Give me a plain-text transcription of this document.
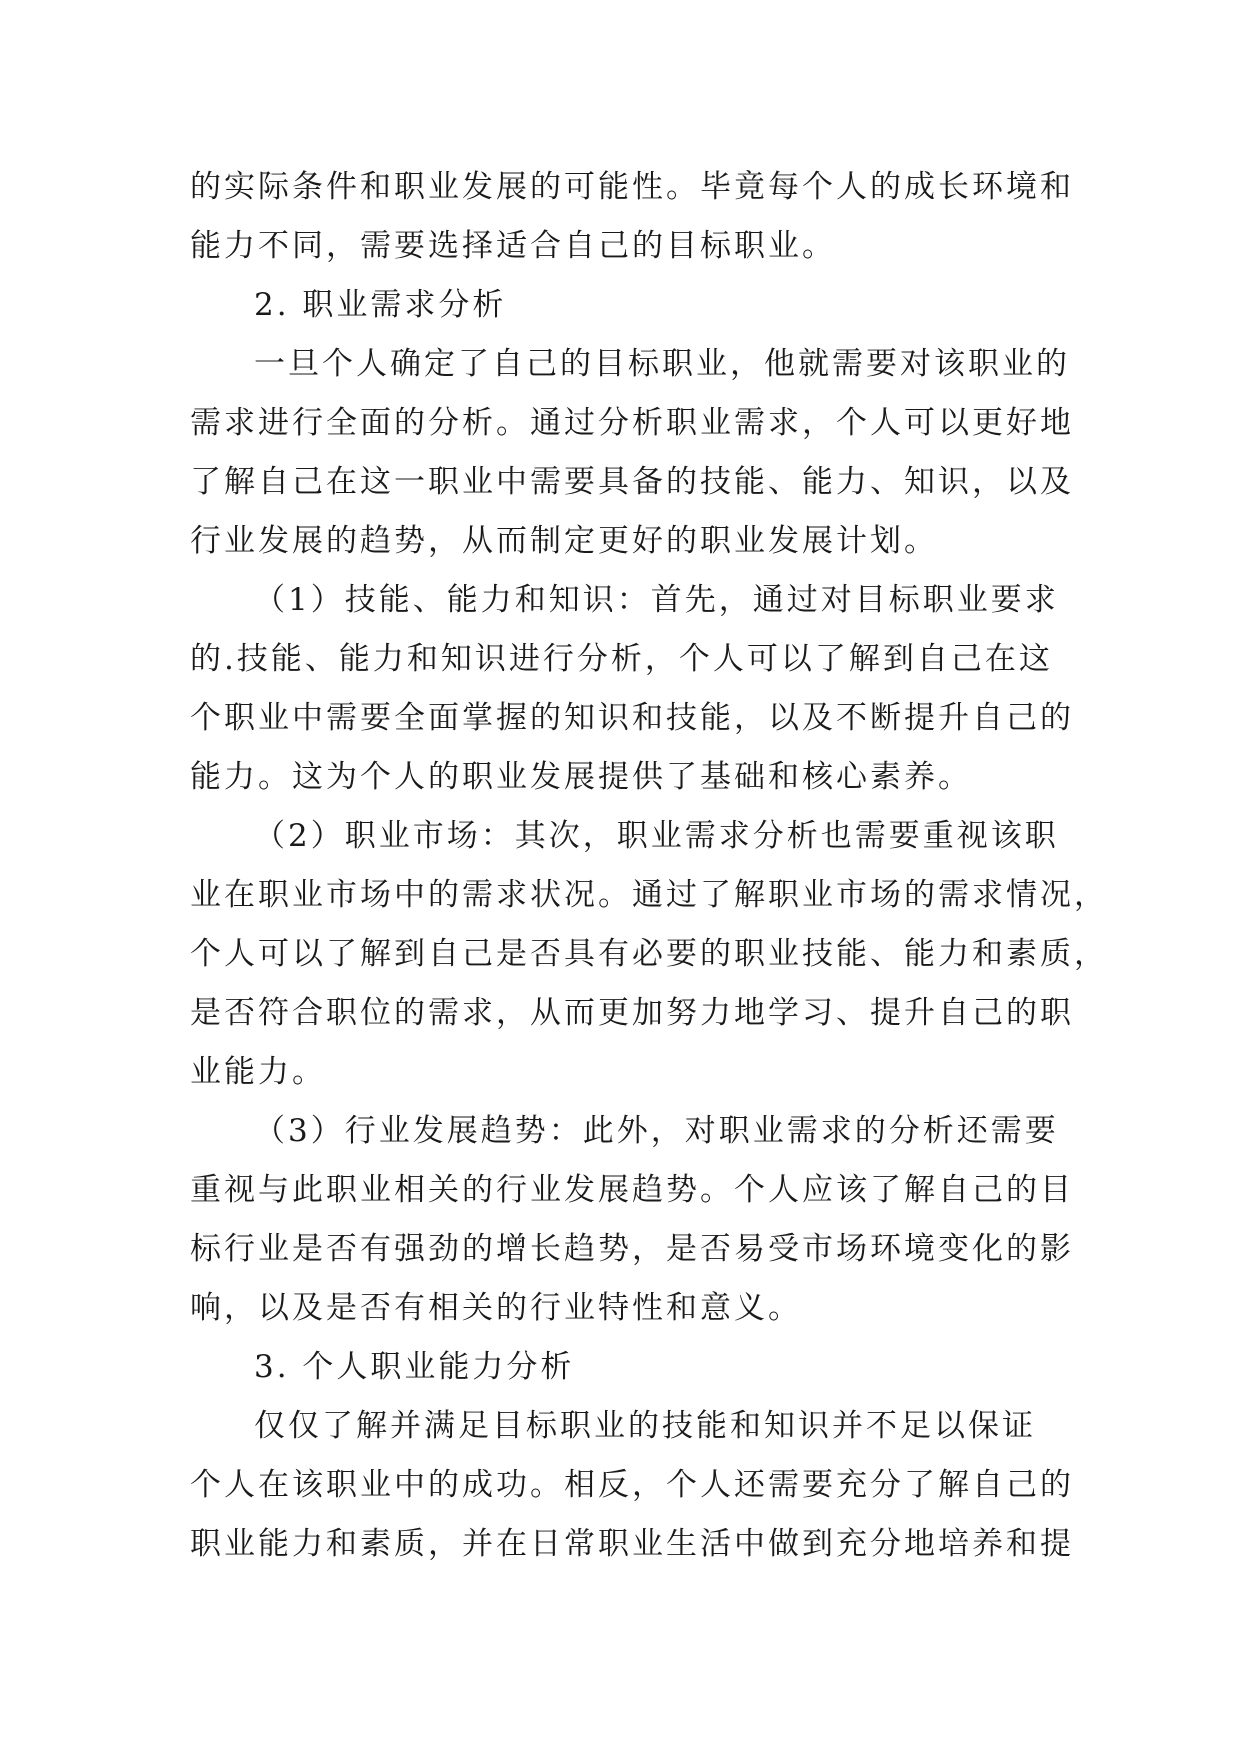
的实际条件和职业发展的可能性。毕竟每个人的成长环境和
能力不同，需要选择适合自己的目标职业。
2. 职业需求分析
一旦个人确定了自己的目标职业，他就需要对该职业的
需求进行全面的分析。通过分析职业需求，个人可以更好地
了解自己在这一职业中需要具备的技能、能力、知识，以及
行业发展的趋势，从而制定更好的职业发展计划。
（1）技能、能力和知识：首先，通过对目标职业要求
的.技能、能力和知识进行分析，个人可以了解到自己在这
个职业中需要全面掌握的知识和技能，以及不断提升自己的
能力。这为个人的职业发展提供了基础和核心素养。
（2）职业市场：其次，职业需求分析也需要重视该职
业在职业市场中的需求状况。通过了解职业市场的需求情况，
个人可以了解到自己是否具有必要的职业技能、能力和素质，
是否符合职位的需求，从而更加努力地学习、提升自己的职
业能力。
（3）行业发展趋势：此外，对职业需求的分析还需要
重视与此职业相关的行业发展趋势。个人应该了解自己的目
标行业是否有强劲的增长趋势，是否易受市场环境变化的影
响，以及是否有相关的行业特性和意义。
3. 个人职业能力分析
仅仅了解并满足目标职业的技能和知识并不足以保证
个人在该职业中的成功。相反，个人还需要充分了解自己的
职业能力和素质，并在日常职业生活中做到充分地培养和提
